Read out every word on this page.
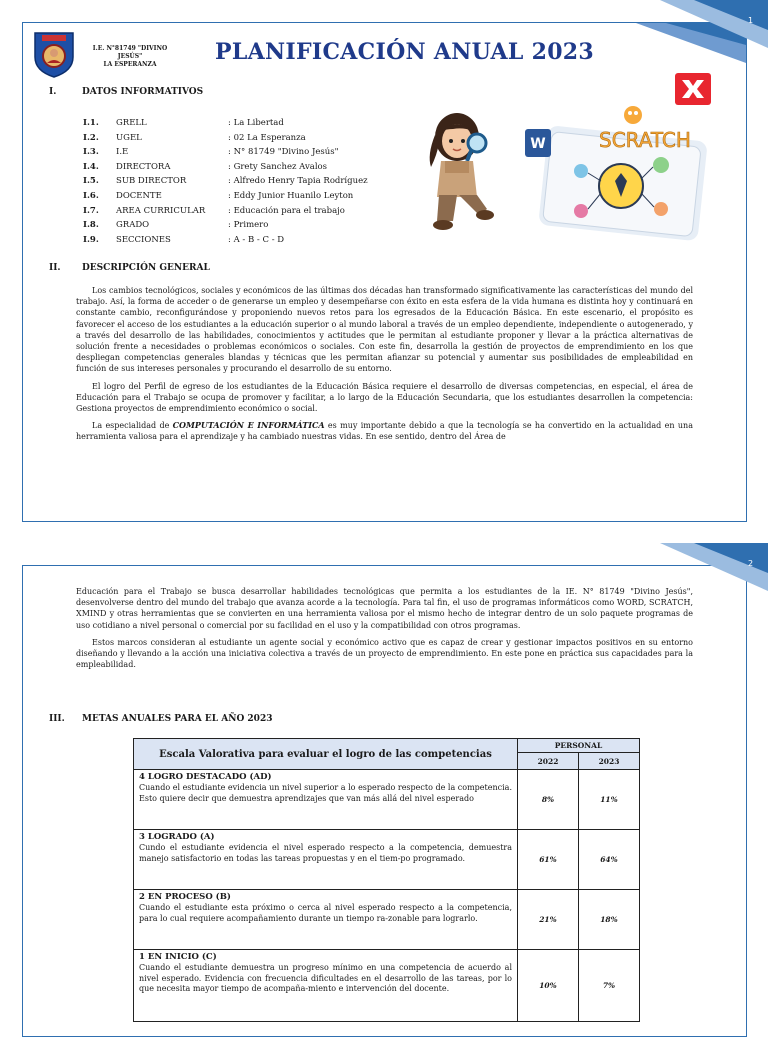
I.E. N°81749 "DIVINO JESÚS"
LA ESPERANZA	PLANIFICACIÓN ANUAL 2023
I.	DATOS INFORMATIVOS
I.1. GRELL	: La Libertad
I.2. UGEL	: 02 La Esperanza
I.3. I.E	: N° 81749 "Divino Jesús"
I.4. DIRECTORA	: Grety Sanchez Avalos
I.5. SUB DIRECTOR	: Alfredo Henry Tapia Rodríguez
I.6. DOCENTE	: Eddy Junior Huanilo Leyton
I.7. AREA CURRICULAR	: Educación para el trabajo
I.8. GRADO	: Primero
I.9. SECCIONES	: A - B - C - D
W	SCRATCH
II. DESCRIPCIÓN GENERAL

Los cambios tecnológicos, sociales y económicos de las últimas dos décadas han transformado significativamente las características del mundo del trabajo. Así, la forma de acceder o de generarse un empleo y desempeñarse con éxito en esta esfera de la vida humana es distinta hoy y continuará en constante cambio, reconfigurándose y proponiendo nuevos retos para los egresados de la Educación Básica. En este escenario, el propósito es favorecer el acceso de los estudiantes a la educación superior o al mundo laboral a través de un empleo dependiente, independiente o autogenerado, y a través del desarrollo de las habilidades, conocimientos y actitudes que le permitan al estudiante proponer y llevar a la práctica alternativas de solución frente a necesidades o problemas económicos o sociales. Con este fin, desarrolla la gestión de proyectos de emprendimiento en los que despliegan competencias generales blandas y técnicas que les permitan afianzar su potencial y aumentar sus posibilidades de empleabilidad en función de sus intereses personales y procurando el desarrollo de su entorno.

El logro del Perfil de egreso de los estudiantes de la Educación Básica requiere el desarrollo de diversas competencias, en especial, el área de Educación para el Trabajo se ocupa de promover y facilitar, a lo largo de la Educación Secundaria, que los estudiantes desarrollen la competencia: Gestiona proyectos de emprendimiento económico o social.

La especialidad de COMPUTACIÓN E INFORMÁTICA es muy importante debido a que la tecnología se ha convertido en la actualidad en una herramienta valiosa para el aprendizaje y ha cambiado nuestras vidas. En ese sentido, dentro del Área de

Educación para el Trabajo se busca desarrollar habilidades tecnológicas que permita a los estudiantes de la IE. N° 81749 "Divino Jesús", desenvolverse dentro del mundo del trabajo que avanza acorde a la tecnología. Para tal fin, el uso de programas informáticos como WORD, SCRATCH, XMIND y otras herramientas que se convierten en una herramienta valiosa por el mismo hecho de integrar dentro de un solo paquete programas de uso cotidiano a nivel personal o comercial por su facilidad en el uso y la compatibilidad con otros programas.

Estos marcos consideran al estudiante un agente social y económico activo que es capaz de crear y gestionar impactos positivos en su entorno diseñando y llevando a la acción una iniciativa colectiva a través de un proyecto de emprendimiento. En este pone en práctica sus capacidades para la empleabilidad.

III. METAS ANUALES PARA EL AÑO 2023
Escala Valorativa para evaluar el logro de las competencias	PERSONAL	
	2022	2023
4 LOGRO DESTACADO (AD)
Cuando el estudiante evidencia un nivel superior a lo esperado respecto de la competencia. Esto quiere decir que demuestra aprendizajes que van más allá del nivel esperado	8%	11%
3 LOGRADO (A)
Cundo el estudiante evidencia el nivel esperado respecto a la competencia, demuestra manejo satisfactorio en todas las tareas propuestas y en el tiem-po programado.	61%	64%
2 EN PROCESO (B)
Cuando el estudiante esta próximo o cerca al nivel esperado respecto a la competencia, para lo cual requiere acompañamiento durante un tiempo ra-zonable para lograrlo.	21%	18%
1 EN INICIO (C)
Cuando el estudiante demuestra un progreso mínimo en una competencia de acuerdo al nivel esperado. Evidencia con frecuencia dificultades en el desarrollo de las tareas, por lo que necesita mayor tiempo de acompaña-miento e intervención del docente.	10%	7%
1
2
